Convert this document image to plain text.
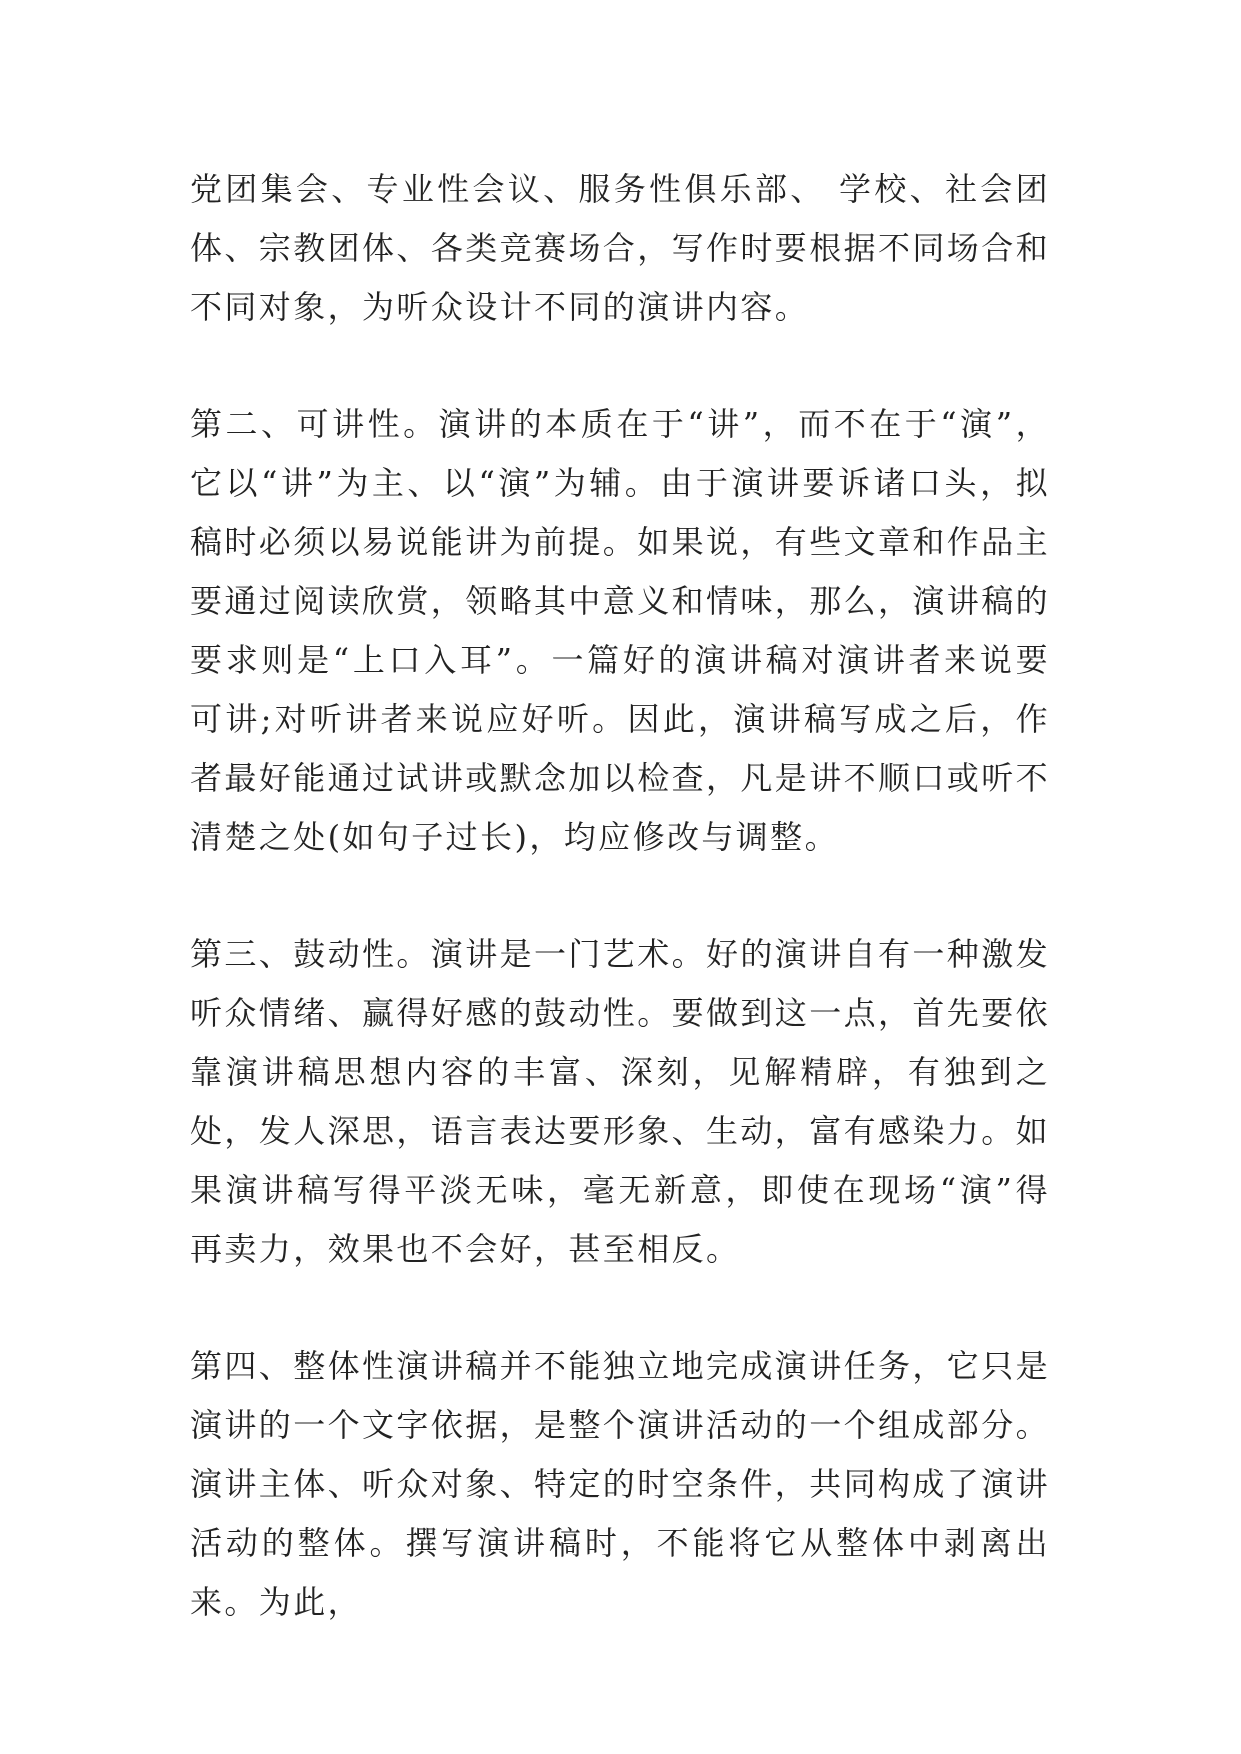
党团集会、专业性会议、服务性俱乐部、 学校、社会团体、宗教团体、各类竞赛场合，写作时要根据不同场合和不同对象，为听众设计不同的演讲内容。

第二、可讲性。演讲的本质在于“讲”，而不在于“演”，它以“讲”为主、以“演”为辅。由于演讲要诉诸口头，拟稿时必须以易说能讲为前提。如果说，有些文章和作品主要通过阅读欣赏，领略其中意义和情味，那么，演讲稿的要求则是“上口入耳”。一篇好的演讲稿对演讲者来说要可讲;对听讲者来说应好听。因此，演讲稿写成之后，作者最好能通过试讲或默念加以检查，凡是讲不顺口或听不清楚之处(如句子过长)，均应修改与调整。

第三、鼓动性。演讲是一门艺术。好的演讲自有一种激发听众情绪、赢得好感的鼓动性。要做到这一点，首先要依靠演讲稿思想内容的丰富、深刻，见解精辟，有独到之处，发人深思，语言表达要形象、生动，富有感染力。如果演讲稿写得平淡无味，毫无新意，即使在现场“演”得再卖力，效果也不会好，甚至相反。

第四、整体性演讲稿并不能独立地完成演讲任务，它只是演讲的一个文字依据，是整个演讲活动的一个组成部分。演讲主体、听众对象、特定的时空条件，共同构成了演讲活动的整体。撰写演讲稿时，不能将它从整体中剥离出来。为此，
